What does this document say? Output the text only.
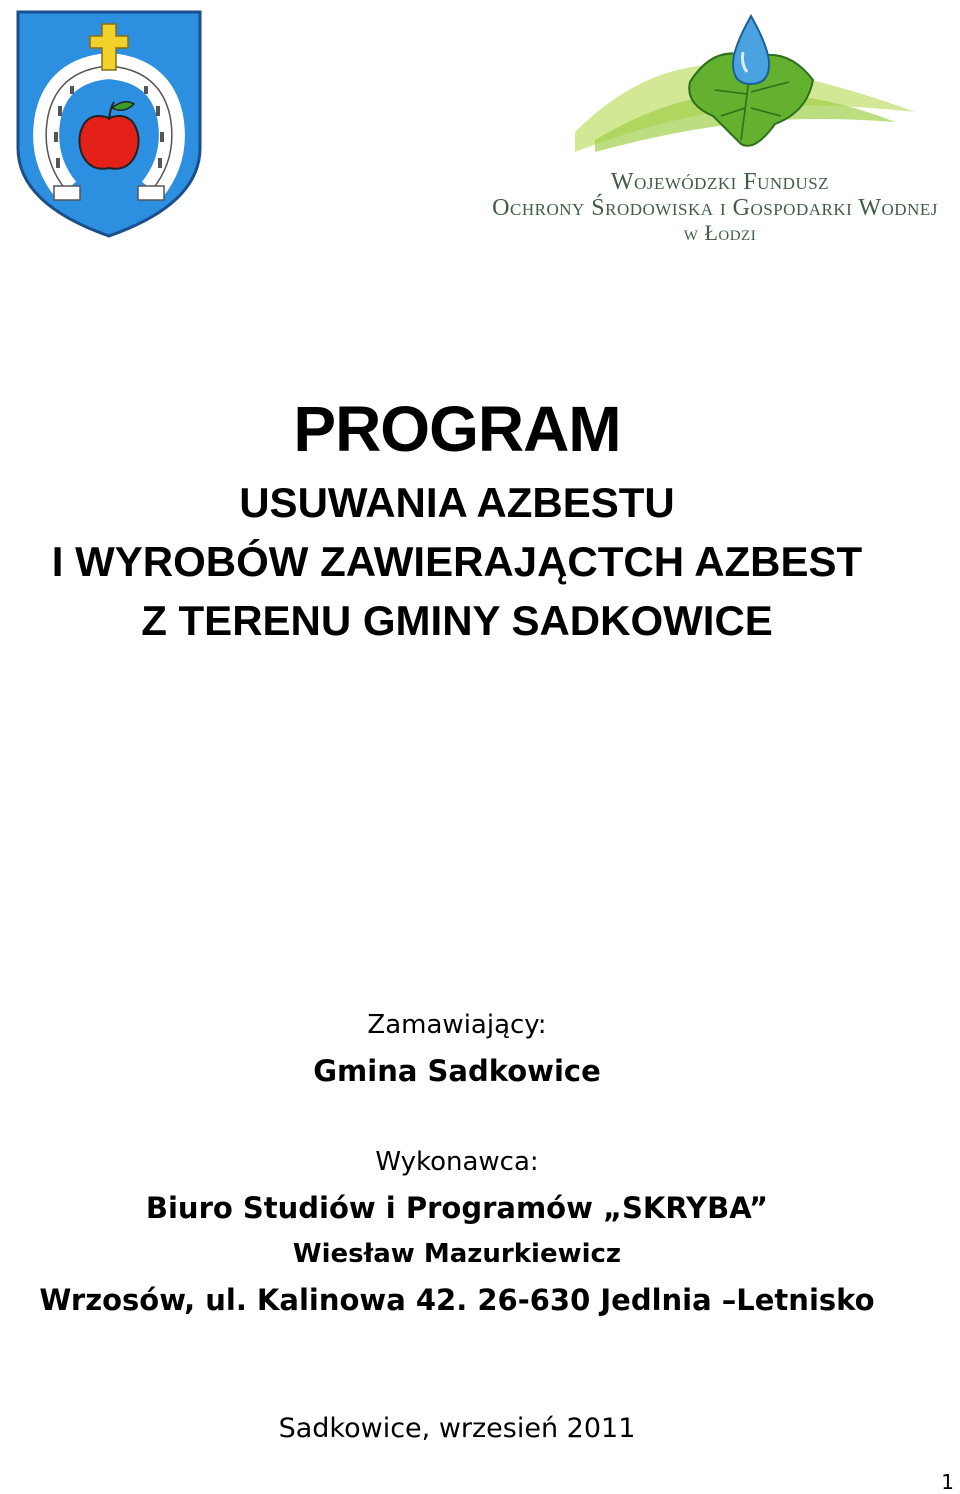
Wojewódzki Fundusz
Ochrony Środowiska i Gospodarki Wodnej
w Łodzi
PROGRAM
USUWANIA AZBESTU
I WYROBÓW ZAWIERAJĄCTCH AZBEST
Z TERENU GMINY SADKOWICE
Zamawiający:
Gmina Sadkowice
Wykonawca:
Biuro Studiów i Programów „SKRYBA”
Wiesław Mazurkiewicz
Wrzosów, ul. Kalinowa 42. 26-630 Jedlnia –Letnisko
Sadkowice, wrzesień 2011
1
